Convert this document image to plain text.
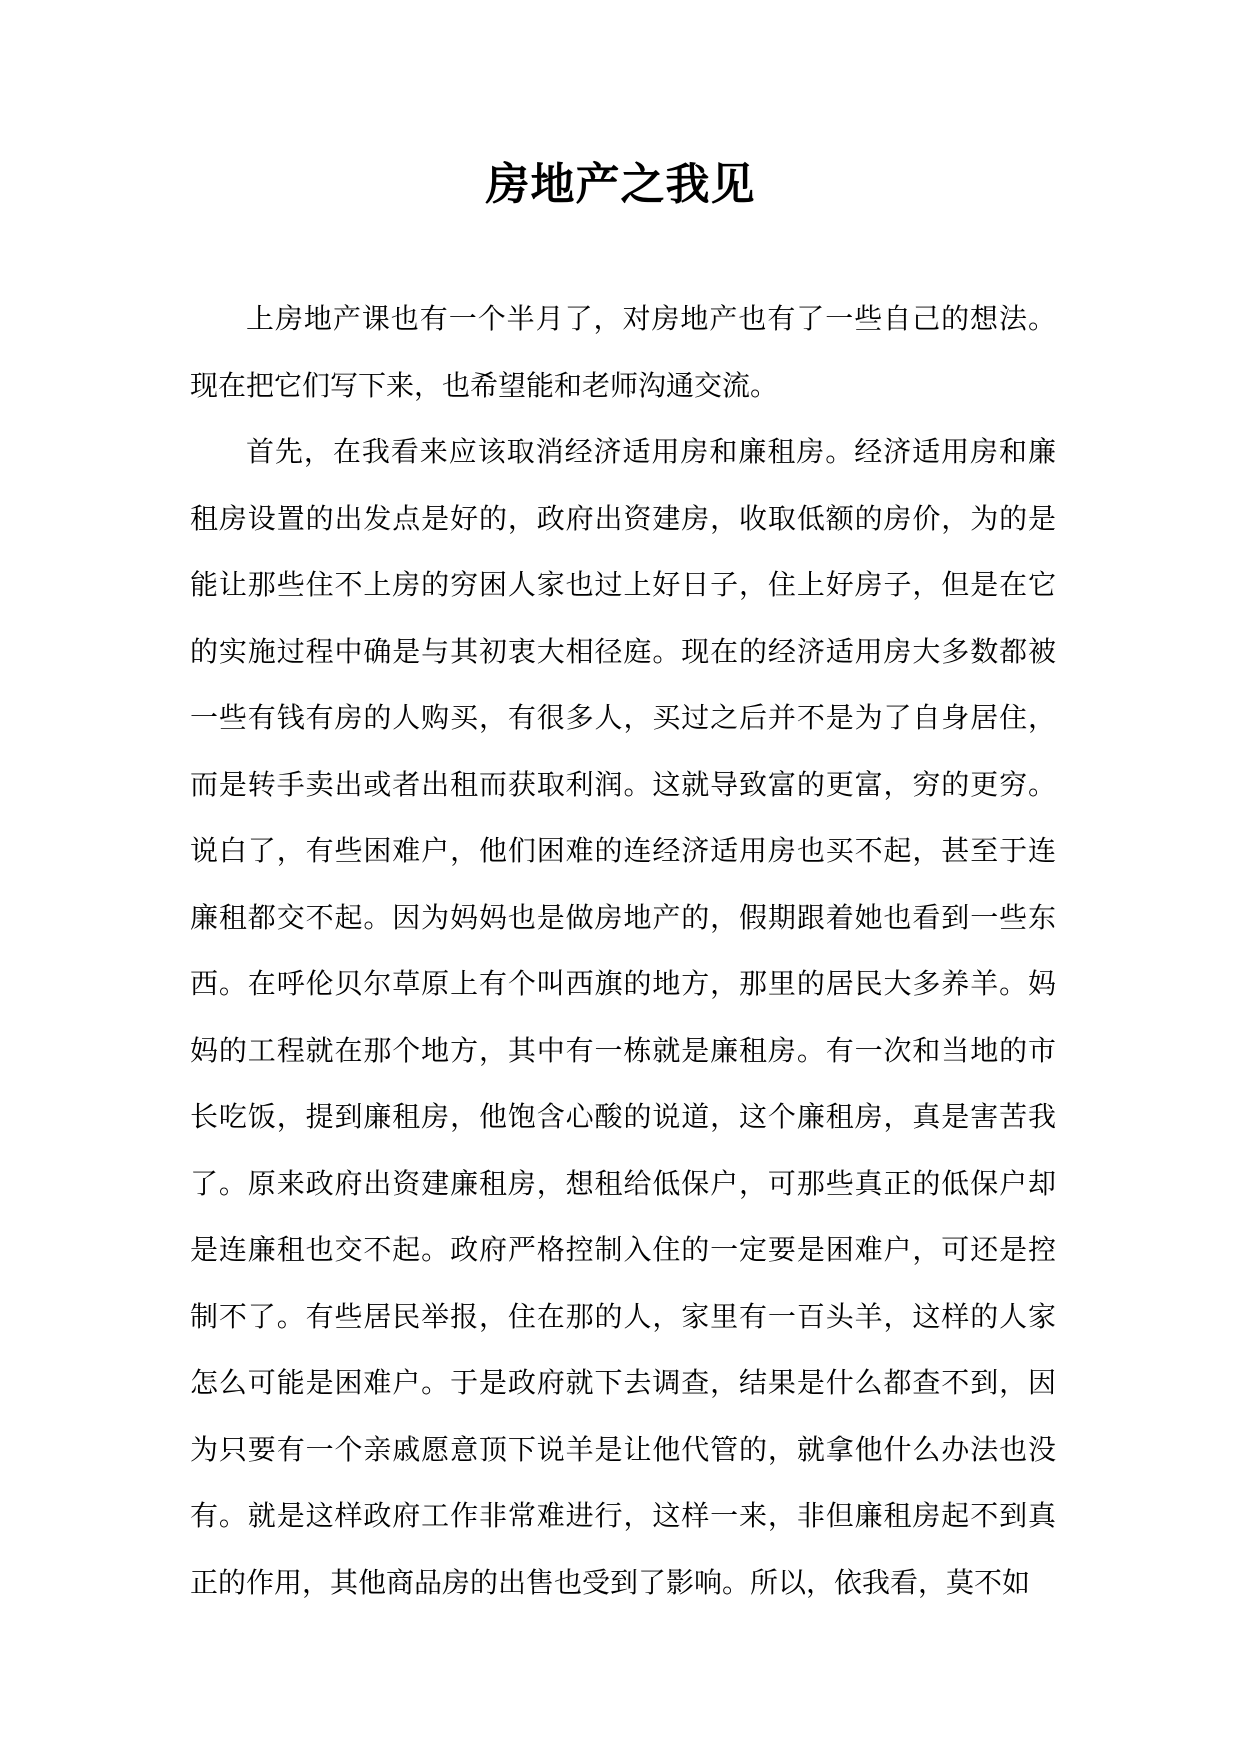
房地产之我见

上房地产课也有一个半月了，对房地产也有了一些自己的想法。现在把它们写下来，也希望能和老师沟通交流。

首先，在我看来应该取消经济适用房和廉租房。经济适用房和廉租房设置的出发点是好的，政府出资建房，收取低额的房价，为的是能让那些住不上房的穷困人家也过上好日子，住上好房子，但是在它的实施过程中确是与其初衷大相径庭。现在的经济适用房大多数都被一些有钱有房的人购买，有很多人，买过之后并不是为了自身居住，而是转手卖出或者出租而获取利润。这就导致富的更富，穷的更穷。说白了，有些困难户，他们困难的连经济适用房也买不起，甚至于连廉租都交不起。因为妈妈也是做房地产的，假期跟着她也看到一些东西。在呼伦贝尔草原上有个叫西旗的地方，那里的居民大多养羊。妈妈的工程就在那个地方，其中有一栋就是廉租房。有一次和当地的市长吃饭，提到廉租房，他饱含心酸的说道，这个廉租房，真是害苦我了。原来政府出资建廉租房，想租给低保户，可那些真正的低保户却是连廉租也交不起。政府严格控制入住的一定要是困难户，可还是控制不了。有些居民举报，住在那的人，家里有一百头羊，这样的人家怎么可能是困难户。于是政府就下去调查，结果是什么都查不到，因为只要有一个亲戚愿意顶下说羊是让他代管的，就拿他什么办法也没有。就是这样政府工作非常难进行，这样一来，非但廉租房起不到真正的作用，其他商品房的出售也受到了影响。所以，依我看，莫不如
